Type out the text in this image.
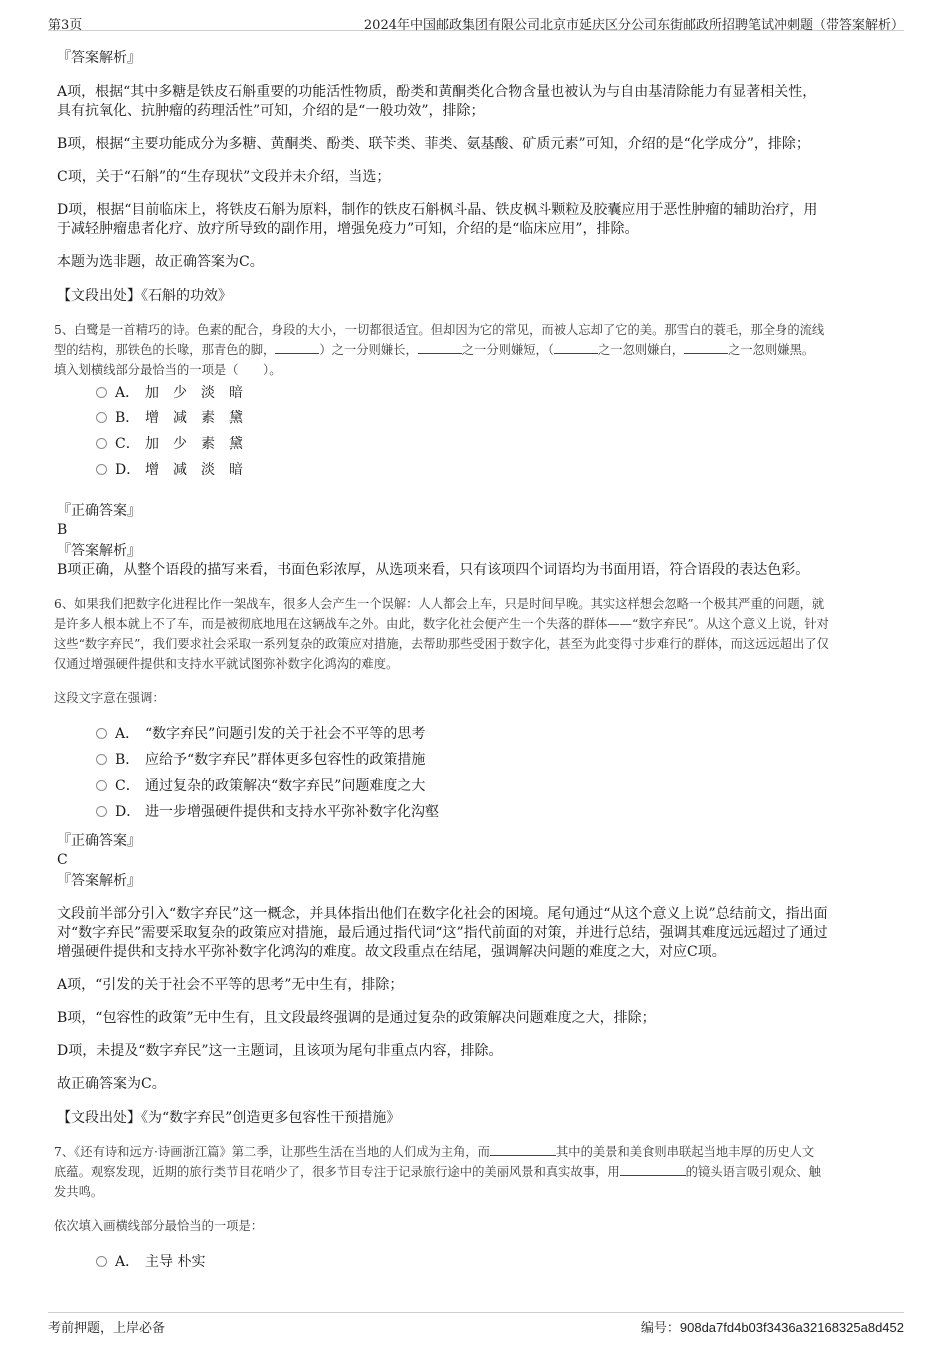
第3页	2024年中国邮政集团有限公司北京市延庆区分公司东街邮政所招聘笔试冲刺题（带答案解析）
『答案解析』
A项，根据“其中多糖是铁皮石斛重要的功能活性物质，酚类和黄酮类化合物含量也被认为与自由基清除能力有显著相关性，
具有抗氧化、抗肿瘤的药理活性”可知，介绍的是“一般功效”，排除；
B项，根据“主要功能成分为多糖、黄酮类、酚类、联苄类、菲类、氨基酸、矿质元素”可知，介绍的是“化学成分”，排除；
C项，关于“石斛”的“生存现状”文段并未介绍，当选；
D项，根据“目前临床上，将铁皮石斛为原料，制作的铁皮石斛枫斗晶、铁皮枫斗颗粒及胶囊应用于恶性肿瘤的辅助治疗，用
于减轻肿瘤患者化疗、放疗所导致的副作用，增强免疫力”可知，介绍的是“临床应用”，排除。
本题为选非题，故正确答案为C。
【文段出处】《石斛的功效》
5、白鹭是一首精巧的诗。色素的配合，身段的大小，一切都很适宜。但却因为它的常见，而被人忘却了它的美。那雪白的蓑毛，那全身的流线
型的结构，那铁色的长喙，那青色的脚，	）之一分则嫌长，	之一分则嫌短，（	之一忽则嫌白，	之一忽则嫌黑。
填入划横线部分最恰当的一项是（　　）。
A． 加　少　淡　暗
B． 增　减　素　黛
C． 加　少　素　黛
D． 增　减　淡　暗
『正确答案』
B
『答案解析』
B项正确，从整个语段的描写来看，书面色彩浓厚，从选项来看，只有该项四个词语均为书面用语，符合语段的表达色彩。
6、如果我们把数字化进程比作一架战车，很多人会产生一个误解：人人都会上车，只是时间早晚。其实这样想会忽略一个极其严重的问题，就
是许多人根本就上不了车，而是被彻底地甩在这辆战车之外。由此，数字化社会便产生一个失落的群体——“数字弃民”。从这个意义上说，针对
这些“数字弃民”，我们要求社会采取一系列复杂的政策应对措施，去帮助那些受困于数字化，甚至为此变得寸步难行的群体，而这远远超出了仅
仅通过增强硬件提供和支持水平就试图弥补数字化鸿沟的难度。
这段文字意在强调：
A． “数字弃民”问题引发的关于社会不平等的思考
B． 应给予“数字弃民”群体更多包容性的政策措施
C． 通过复杂的政策解决“数字弃民”问题难度之大
D． 进一步增强硬件提供和支持水平弥补数字化沟壑
『正确答案』
C
『答案解析』
文段前半部分引入“数字弃民”这一概念，并具体指出他们在数字化社会的困境。尾句通过“从这个意义上说”总结前文，指出面
对“数字弃民”需要采取复杂的政策应对措施，最后通过指代词“这”指代前面的对策，并进行总结，强调其难度远远超过了通过
增强硬件提供和支持水平弥补数字化鸿沟的难度。故文段重点在结尾，强调解决问题的难度之大，对应C项。
A项，“引发的关于社会不平等的思考”无中生有，排除；
B项，“包容性的政策”无中生有，且文段最终强调的是通过复杂的政策解决问题难度之大，排除；
D项，未提及“数字弃民”这一主题词，且该项为尾句非重点内容，排除。
故正确答案为C。
【文段出处】《为“数字弃民”创造更多包容性干预措施》
7、《还有诗和远方·诗画浙江篇》第二季，让那些生活在当地的人们成为主角，而	其中的美景和美食则串联起当地丰厚的历史人文
底蕴。观察发现，近期的旅行类节目花哨少了，很多节目专注于记录旅行途中的美丽风景和真实故事，用	的镜头语言吸引观众、触
发共鸣。
依次填入画横线部分最恰当的一项是：
A． 主导 朴实
考前押题，上岸必备	编号：908da7fd4b03f3436a32168325a8d452
